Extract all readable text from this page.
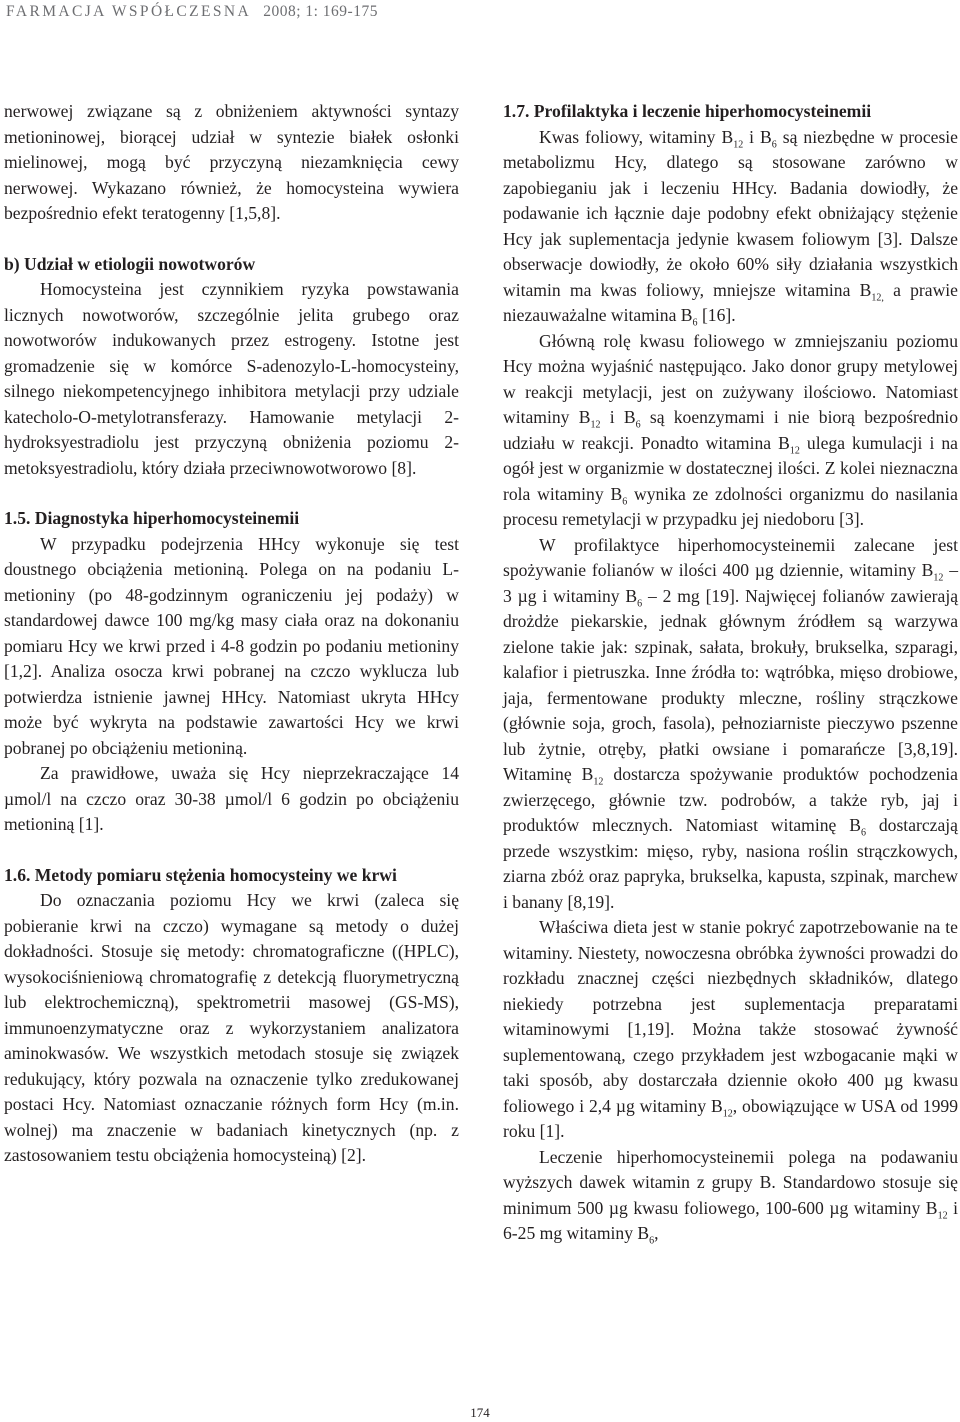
FARMACJA WSPÓŁCZESNA 2008; 1: 169-175

nerwowej związane są z obniżeniem aktywności syntazy metioninowej, biorącej udział w syntezie białek osłonki mielinowej, mogą być przyczyną niezamknięcia cewy nerwowej. Wykazano również, że homocysteina wywiera bezpośrednio efekt teratogenny [1,5,8].

b) Udział w etiologii nowotworów

Homocysteina jest czynnikiem ryzyka powstawania licznych nowotworów, szczególnie jelita grubego oraz nowotworów indukowanych przez estrogeny. Istotne jest gromadzenie się w komórce S-adenozylo-L-homocysteiny, silnego niekompetencyjnego inhibitora metylacji przy udziale katecholo-O-metylotransferazy. Hamowanie metylacji 2-hydroksyestradiolu jest przyczyną obniżenia poziomu 2-metoksyestradiolu, który działa przeciwnowotworowo [8].

1.5. Diagnostyka hiperhomocysteinemii

W przypadku podejrzenia HHcy wykonuje się test doustnego obciążenia metioniną. Polega on na podaniu L-metioniny (po 48-godzinnym ograniczeniu jej podaży) w standardowej dawce 100 mg/kg masy ciała oraz na dokonaniu pomiaru Hcy we krwi przed i 4-8 godzin po podaniu metioniny [1,2]. Analiza osocza krwi pobranej na czczo wyklucza lub potwierdza istnienie jawnej HHcy. Natomiast ukryta HHcy może być wykryta na podstawie zawartości Hcy we krwi pobranej po obciążeniu metioniną.

Za prawidłowe, uważa się Hcy nieprzekraczające 14 µmol/l na czczo oraz 30-38 µmol/l 6 godzin po obciążeniu metioniną [1].

1.6. Metody pomiaru stężenia homocysteiny we krwi

Do oznaczania poziomu Hcy we krwi (zaleca się pobieranie krwi na czczo) wymagane są metody o dużej dokładności. Stosuje się metody: chromatograficzne ((HPLC), wysokociśnieniową chromatografię z detekcją fluorymetryczną lub elektrochemiczną), spektrometrii masowej (GS-MS), immunoenzymatyczne oraz z wykorzystaniem analizatora aminokwasów. We wszystkich metodach stosuje się związek redukujący, który pozwala na oznaczenie tylko zredukowanej postaci Hcy. Natomiast oznaczanie różnych form Hcy (m.in. wolnej) ma znaczenie w badaniach kinetycznych (np. z zastosowaniem testu obciążenia homocysteiną) [2].

1.7. Profilaktyka i leczenie hiperhomocysteinemii

Kwas foliowy, witaminy $B_{12}$ i $B_6$ są niezbędne w procesie metabolizmu Hcy, dlatego są stosowane zarówno w zapobieganiu jak i leczeniu HHcy. Badania dowiodły, że podawanie ich łącznie daje podobny efekt obniżający stężenie Hcy jak suplementacja jedynie kwasem foliowym [3]. Dalsze obserwacje dowiodły, że około 60% siły działania wszystkich witamin ma kwas foliowy, mniejsze witamina $B_{12,}$ a prawie niezauważalne witamina $B_6$ [16].

Główną rolę kwasu foliowego w zmniejszaniu poziomu Hcy można wyjaśnić następująco. Jako donor grupy metylowej w reakcji metylacji, jest on zużywany ilościowo. Natomiast witaminy $B_{12}$ i $B_6$ są koenzymami i nie biorą bezpośrednio udziału w reakcji. Ponadto witamina $B_{12}$ ulega kumulacji i na ogół jest w organizmie w dostatecznej ilości. Z kolei nieznaczna rola witaminy $B_6$ wynika ze zdolności organizmu do nasilania procesu remetylacji w przypadku jej niedoboru [3].

W profilaktyce hiperhomocysteinemii zalecane jest spożywanie folianów w ilości 400 µg dziennie, witaminy $B_{12} - 3$ µg i witaminy $B_6 - 2$ mg [19]. Najwięcej folianów zawierają drożdże piekarskie, jednak głównym źródłem są warzywa zielone takie jak: szpinak, sałata, brokuły, brukselka, szparagi, kalafior i pietruszka. Inne źródła to: wątróbka, mięso drobiowe, jaja, fermentowane produkty mleczne, rośliny strączkowe (głównie soja, groch, fasola), pełnoziarniste pieczywo pszenne lub żytnie, otręby, płatki owsiane i pomarańcze [3,8,19]. Witaminę $B_{12}$ dostarcza spożywanie produktów pochodzenia zwierzęcego, głównie tzw. podrobów, a także ryb, jaj i produktów mlecznych. Natomiast witaminę $B_6$ dostarczają przede wszystkim: mięso, ryby, nasiona roślin strączkowych, ziarna zbóż oraz papryka, brukselka, kapusta, szpinak, marchew i banany [8,19].

Właściwa dieta jest w stanie pokryć zapotrzebowanie na te witaminy. Niestety, nowoczesna obróbka żywności prowadzi do rozkładu znacznej części niezbędnych składników, dlatego niekiedy potrzebna jest suplementacja preparatami witaminowymi [1,19]. Można także stosować żywność suplementowaną, czego przykładem jest wzbogacanie mąki w taki sposób, aby dostarczała dziennie około 400 µg kwasu foliowego i 2,4 µg witaminy $B_{12}$, obowiązujące w USA od 1999 roku [1].

Leczenie hiperhomocysteinemii polega na podawaniu wyższych dawek witamin z grupy B. Standardowo stosuje się minimum 500 µg kwasu foliowego, 100-600 µg witaminy $B_{12}$ i 6-25 mg witaminy $B_6$,

174
